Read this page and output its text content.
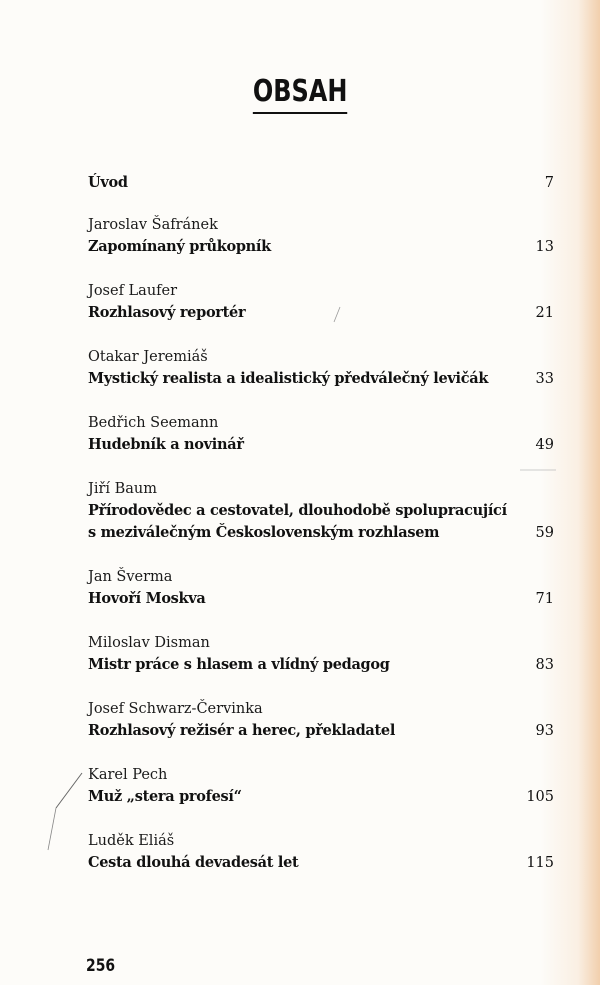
OBSAH
Úvod	7
Jaroslav Šafránek
Zapomínaný průkopník	13
Josef Laufer
Rozhlasový reportér	21
Otakar Jeremiáš
Mystický realista a idealistický předválečný levičák	33
Bedřich Seemann
Hudebník a novinář	49
Jiří Baum
Přírodovědec a cestovatel, dlouhodobě spolupracující
s meziválečným Československým rozhlasem	59
Jan Šverma
Hovoří Moskva	71
Miloslav Disman
Mistr práce s hlasem a vlídný pedagog	83
Josef Schwarz-Červinka
Rozhlasový režisér a herec, překladatel	93
Karel Pech
Muž „stera profesí“	105
Luděk Eliáš
Cesta dlouhá devadesát let	115
256
